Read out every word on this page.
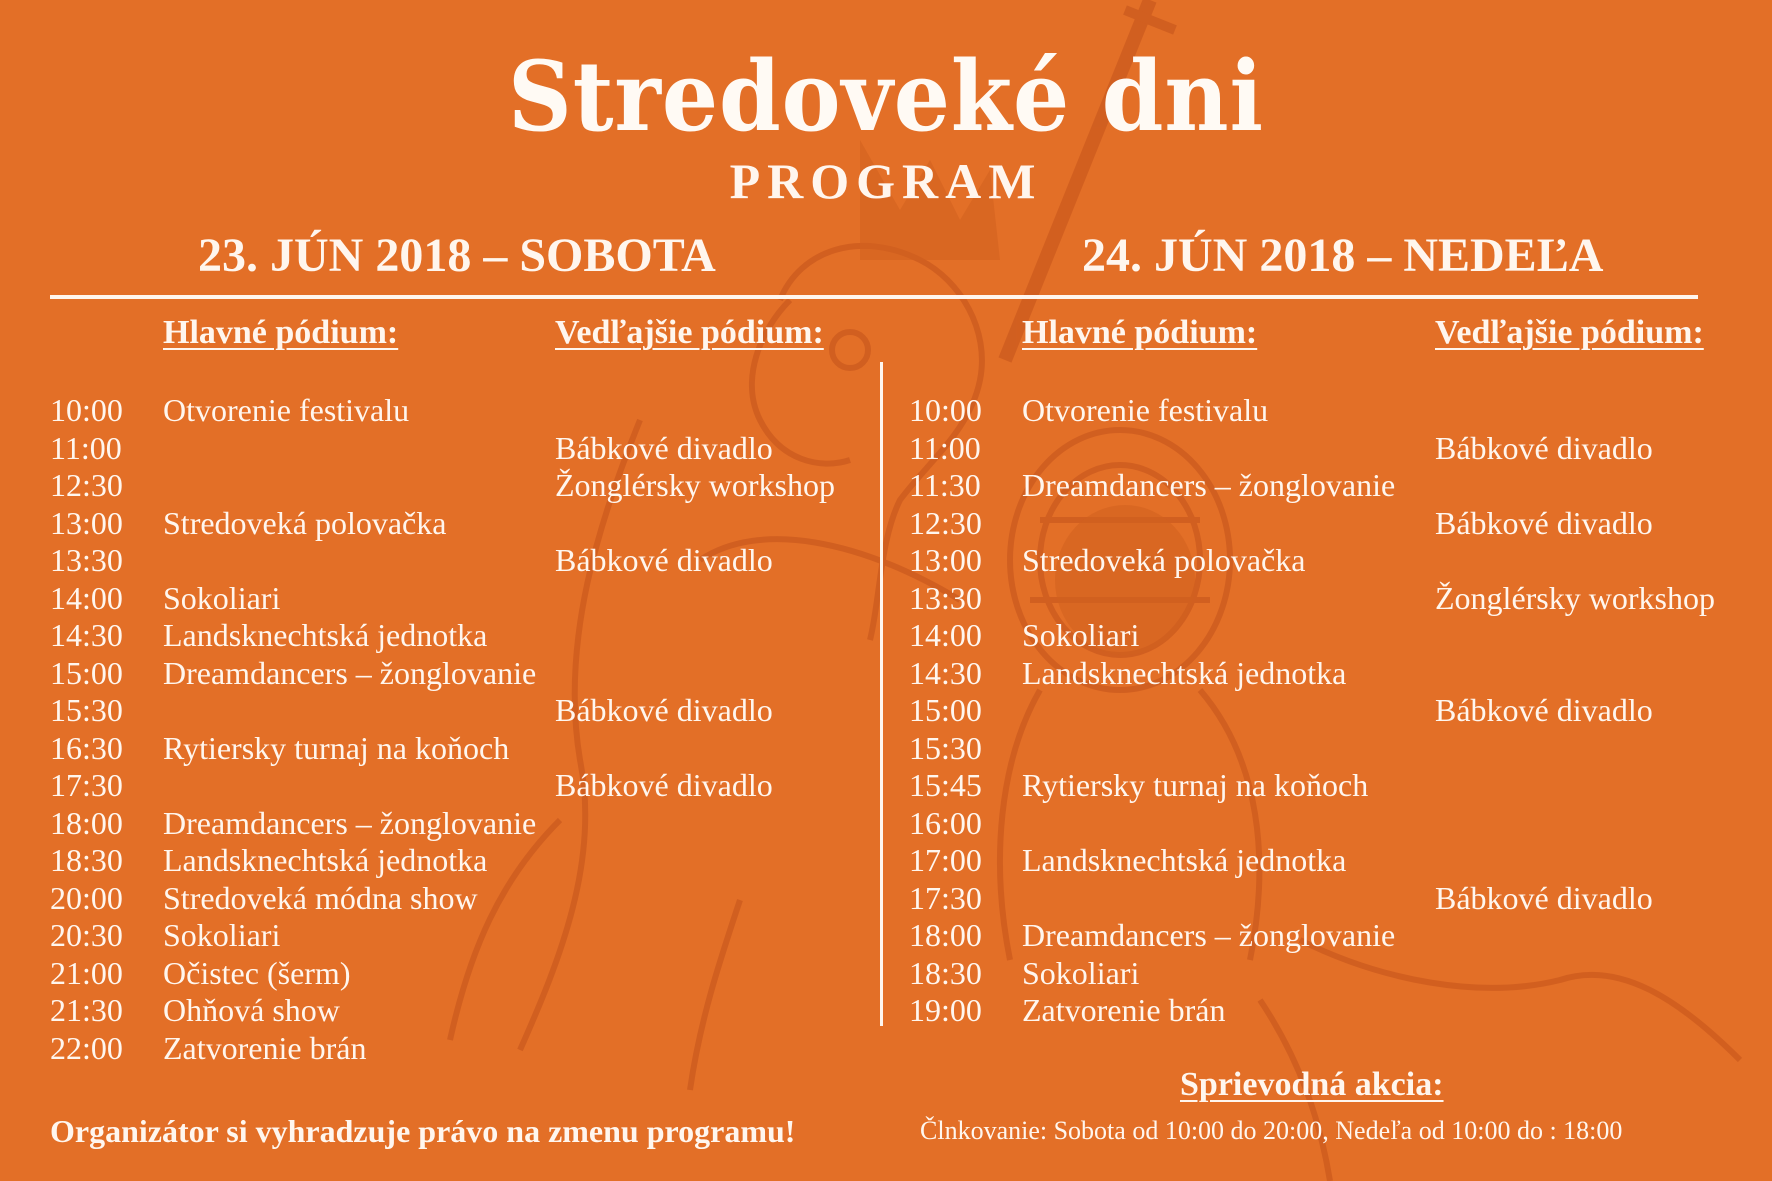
Stredoveké dni
PROGRAM
23. JÚN 2018 – SOBOTA	24. JÚN 2018 – NEDEĽA
Hlavné pódium:	Vedľajšie pódium:	Hlavné pódium:	Vedľajšie pódium:
10:00 Otvorenie festivalu
11:00	Bábkové divadlo
12:30	Žonglérsky workshop
13:00 Stredoveká polovačka
13:30	Bábkové divadlo
14:00 Sokoliari
14:30 Landsknechtská jednotka
15:00 Dreamdancers – žonglovanie
15:30	Bábkové divadlo
16:30 Rytiersky turnaj na koňoch
17:30	Bábkové divadlo
18:00 Dreamdancers – žonglovanie
18:30 Landsknechtská jednotka
20:00 Stredoveká módna show
20:30 Sokoliari
21:00 Očistec (šerm)
21:30 Ohňová show
22:00 Zatvorenie brán
10:00 Otvorenie festivalu
11:00	Bábkové divadlo
11:30 Dreamdancers – žonglovanie
12:30	Bábkové divadlo
13:00 Stredoveká polovačka
13:30	Žonglérsky workshop
14:00 Sokoliari
14:30 Landsknechtská jednotka
15:00	Bábkové divadlo
15:30
15:45 Rytiersky turnaj na koňoch
16:00
17:00 Landsknechtská jednotka
17:30	Bábkové divadlo
18:00 Dreamdancers – žonglovanie
18:30 Sokoliari
19:00 Zatvorenie brán
Sprievodná akcia:
Člnkovanie: Sobota od 10:00 do 20:00, Nedeľa od 10:00 do : 18:00
Organizátor si vyhradzuje právo na zmenu programu!
